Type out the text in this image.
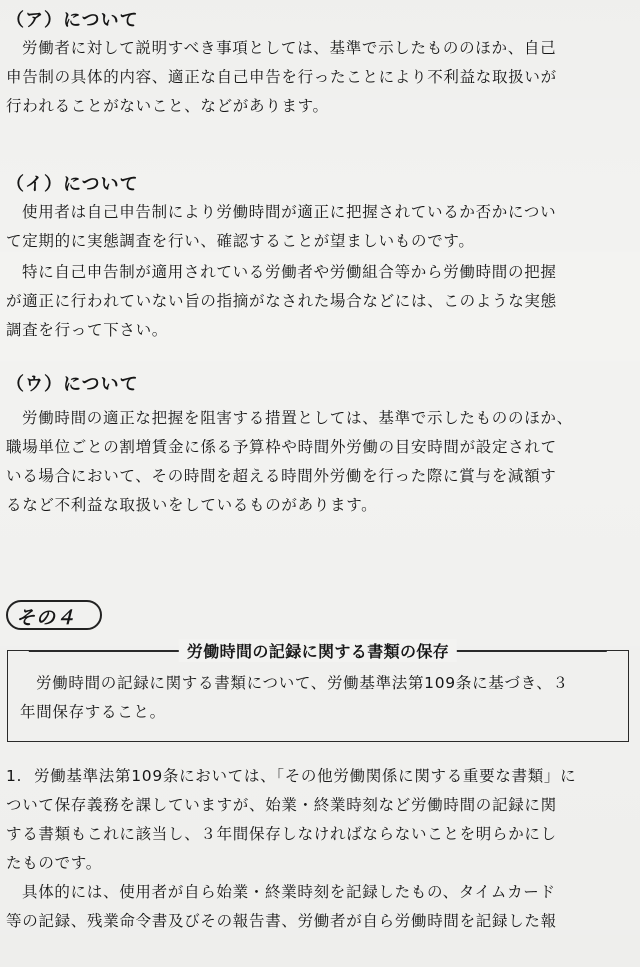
（ア）について
労働者に対して説明すべき事項としては、基準で示したもののほか、自己
申告制の具体的内容、適正な自己申告を行ったことにより不利益な取扱いが
行われることがないこと、などがあります。
（イ）について
使用者は自己申告制により労働時間が適正に把握されているか否かについ
て定期的に実態調査を行い、確認することが望ましいものです。
特に自己申告制が適用されている労働者や労働組合等から労働時間の把握
が適正に行われていない旨の指摘がなされた場合などには、このような実態
調査を行って下さい。
（ウ）について
労働時間の適正な把握を阻害する措置としては、基準で示したもののほか、
職場単位ごとの割増賃金に係る予算枠や時間外労働の目安時間が設定されて
いる場合において、その時間を超える時間外労働を行った際に賞与を減額す
るなど不利益な取扱いをしているものがあります。
その４
労働時間の記録に関する書類の保存
労働時間の記録に関する書類について、労働基準法第109条に基づき、３
年間保存すること。
1. 労働基準法第109条においては、「その他労働関係に関する重要な書類」に
ついて保存義務を課していますが、始業・終業時刻など労働時間の記録に関
する書類もこれに該当し、３年間保存しなければならないことを明らかにし
たものです。
具体的には、使用者が自ら始業・終業時刻を記録したもの、タイムカード
等の記録、残業命令書及びその報告書、労働者が自ら労働時間を記録した報
